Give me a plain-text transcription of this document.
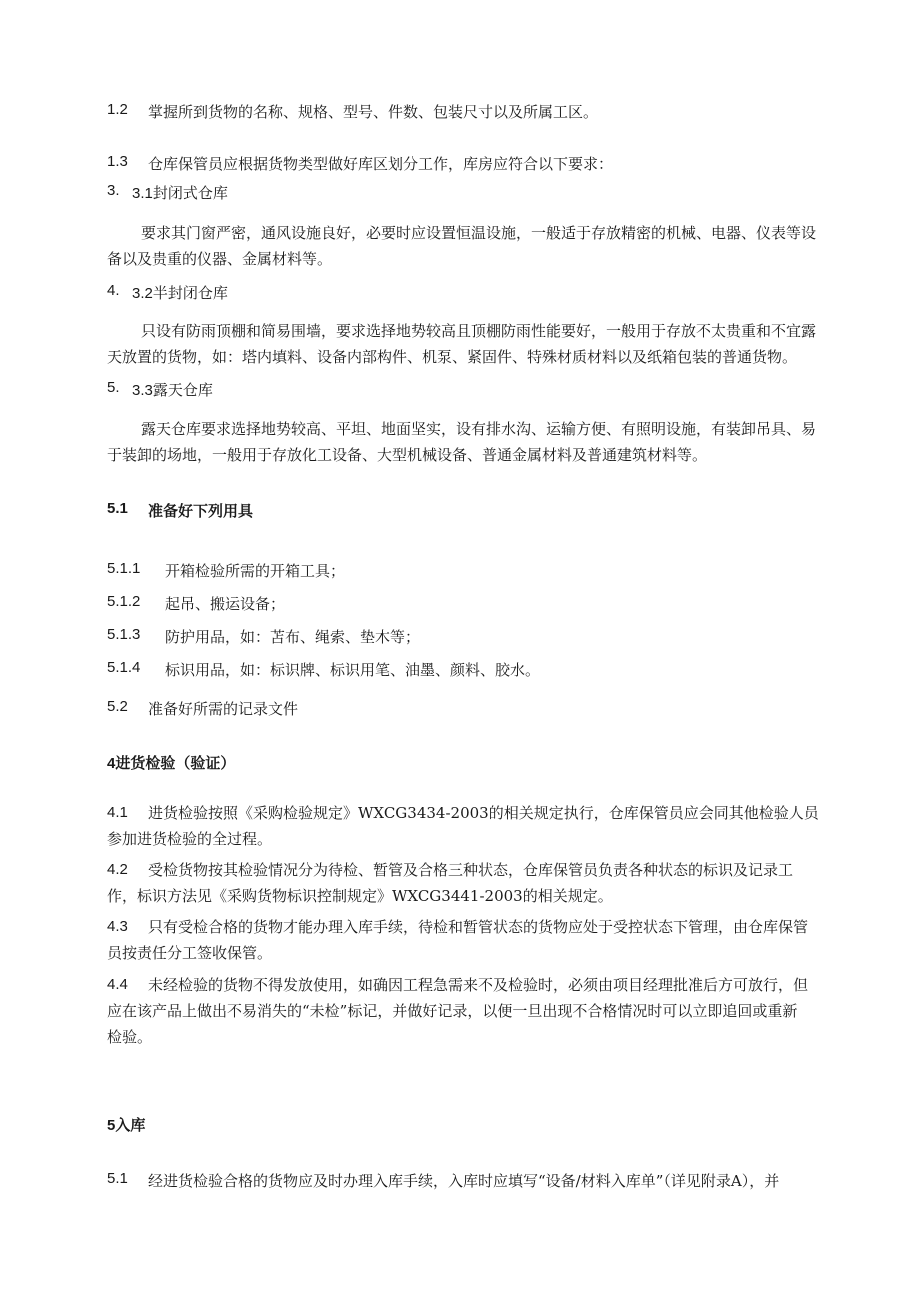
1.2 掌握所到货物的名称、规格、型号、件数、包装尺寸以及所属工区。
1.3 仓库保管员应根据货物类型做好库区划分工作，库房应符合以下要求：
3. 3.1封闭式仓库
要求其门窗严密，通风设施良好，必要时应设置恒温设施，一般适于存放精密的机械、电器、仪表等设
备以及贵重的仪器、金属材料等。
4. 3.2半封闭仓库
只设有防雨顶棚和简易围墙，要求选择地势较高且顶棚防雨性能要好，一般用于存放不太贵重和不宜露
天放置的货物，如：塔内填料、设备内部构件、机泵、紧固件、特殊材质材料以及纸箱包装的普通货物。
5. 3.3露天仓库
露天仓库要求选择地势较高、平坦、地面坚实，设有排水沟、运输方便、有照明设施，有装卸吊具、易
于装卸的场地，一般用于存放化工设备、大型机械设备、普通金属材料及普通建筑材料等。
5.1 准备好下列用具
5.1.1 开箱检验所需的开箱工具；
5.1.2 起吊、搬运设备；
5.1.3 防护用品，如：苫布、绳索、垫木等；
5.1.4 标识用品，如：标识牌、标识用笔、油墨、颜料、胶水。
5.2 准备好所需的记录文件
4进货检验（验证）
4.1 进货检验按照《采购检验规定》WXCG3434-2003的相关规定执行，仓库保管员应会同其他检验人员
参加进货检验的全过程。
4.2 受检货物按其检验情况分为待检、暂管及合格三种状态，仓库保管员负责各种状态的标识及记录工
作，标识方法见《采购货物标识控制规定》WXCG3441-2003的相关规定。
4.3 只有受检合格的货物才能办理入库手续，待检和暂管状态的货物应处于受控状态下管理，由仓库保管
员按责任分工签收保管。
4.4 未经检验的货物不得发放使用，如确因工程急需来不及检验时，必须由项目经理批准后方可放行，但
应在该产品上做出不易消失的“未检”标记，并做好记录，以便一旦出现不合格情况时可以立即追回或重新
检验。
5入库
5.1 经进货检验合格的货物应及时办理入库手续，入库时应填写“设备/材料入库单”（详见附录A），并
